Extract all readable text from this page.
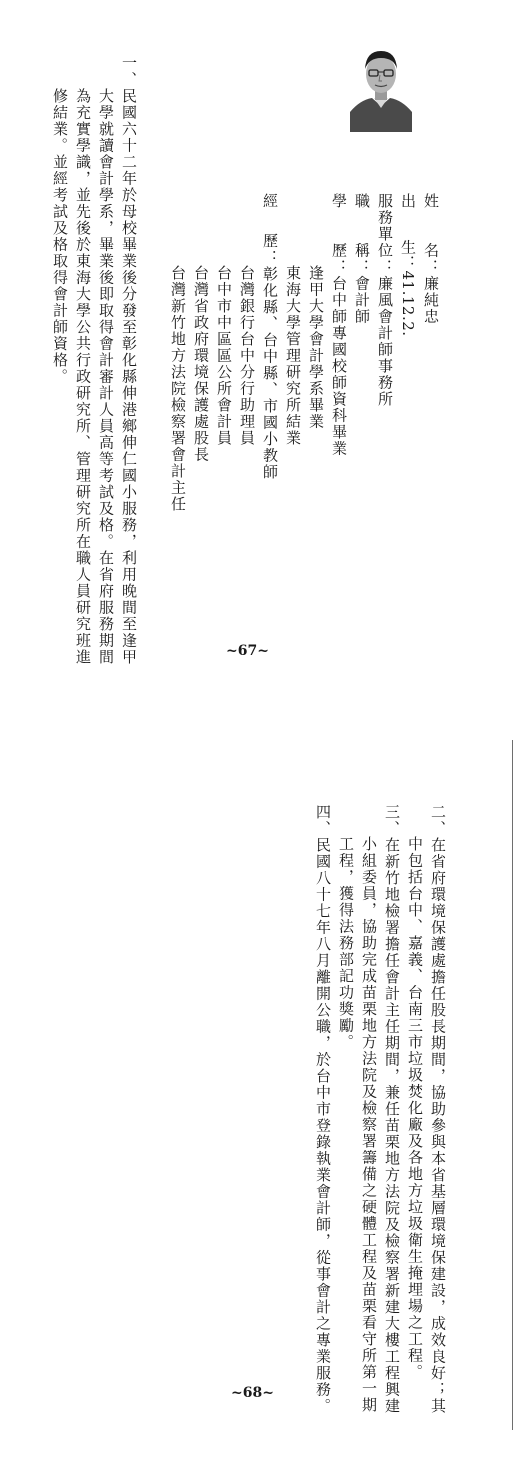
姓　　名：廉純忠
出　　生：41.12.2.
服務單位：廉風會計師事務所
職　　稱：會計師
學　　歷：台中師專國校師資科畢業
逢甲大學會計學系畢業
東海大學管理研究所結業
經
歷：彰化縣、台中縣、市國小教師
台灣銀行台中分行助理員
台中市中區區公所會計員
台灣省政府環境保護處股長
台灣新竹地方法院檢察署會計主任
一、民國六十二年於母校畢業後分發至彰化縣伸港鄉伸仁國小服務，利用晚間至逢甲
大學就讀會計學系，畢業後即取得會計審計人員高等考試及格。在省府服務期間
為充實學識，並先後於東海大學公共行政研究所、管理研究所在職人員研究班進
修結業。並經考試及格取得會計師資格。
~67~
二、在省府環境保護處擔任股長期間，協助參與本省基層環境保建設，成效良好；其
中包括台中、嘉義、台南三市垃圾焚化廠及各地方垃圾衛生掩埋場之工程。
三、在新竹地檢署擔任會計主任期間，兼任苗栗地方法院及檢察署新建大樓工程興建
小組委員，協助完成苗栗地方法院及檢察署籌備之硬體工程及苗栗看守所第一期
工程，獲得法務部記功獎勵。
四、民國八十七年八月離開公職，於台中市登錄執業會計師，從事會計之專業服務。
~68~
